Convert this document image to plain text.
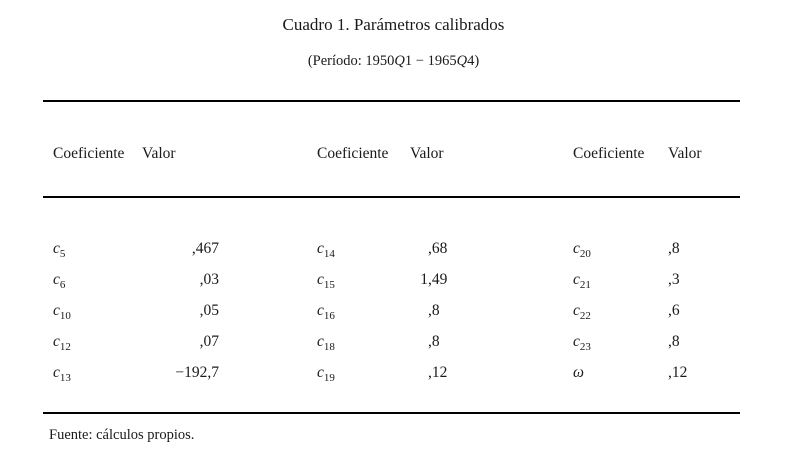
Cuadro 1. Parámetros calibrados
(Período: 1950Q1 − 1965Q4)
Coeficiente	Valor	Coeficiente	Valor	Coeficiente	Valor
$c_5$	,467	$c_{14}$	,68	$c_{20}$	,8
$c_6$	,03	$c_{15}$	1,49	$c_{21}$	,3
$c_{10}$	,05	$c_{16}$	,8	$c_{22}$	,6
$c_{12}$	,07	$c_{18}$	,8	$c_{23}$	,8
$c_{13}$	−192,7	$c_{19}$	,12	ω	,12
Fuente: cálculos propios.
